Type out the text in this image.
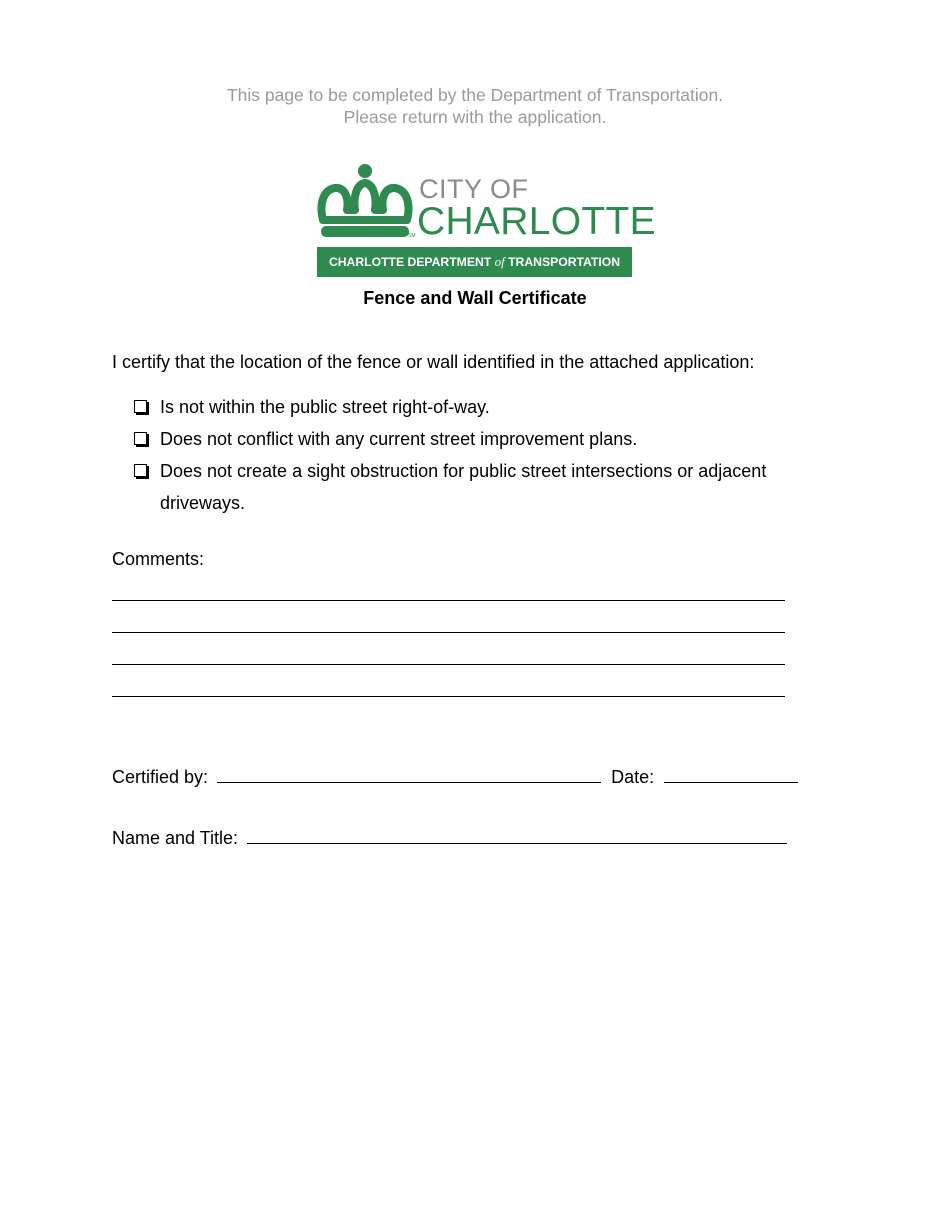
This page to be completed by the Department of Transportation.
Please return with the application.
SM
CITY OF
CHARLOTTE
CHARLOTTE DEPARTMENT of TRANSPORTATION
Fence and Wall Certificate
I certify that the location of the fence or wall identified in the attached application:
Is not within the public street right-of-way.
Does not conflict with any current street improvement plans.
Does not create a sight obstruction for public street intersections or adjacent driveways.
Comments:
Certified by:	Date:
Name and Title:
